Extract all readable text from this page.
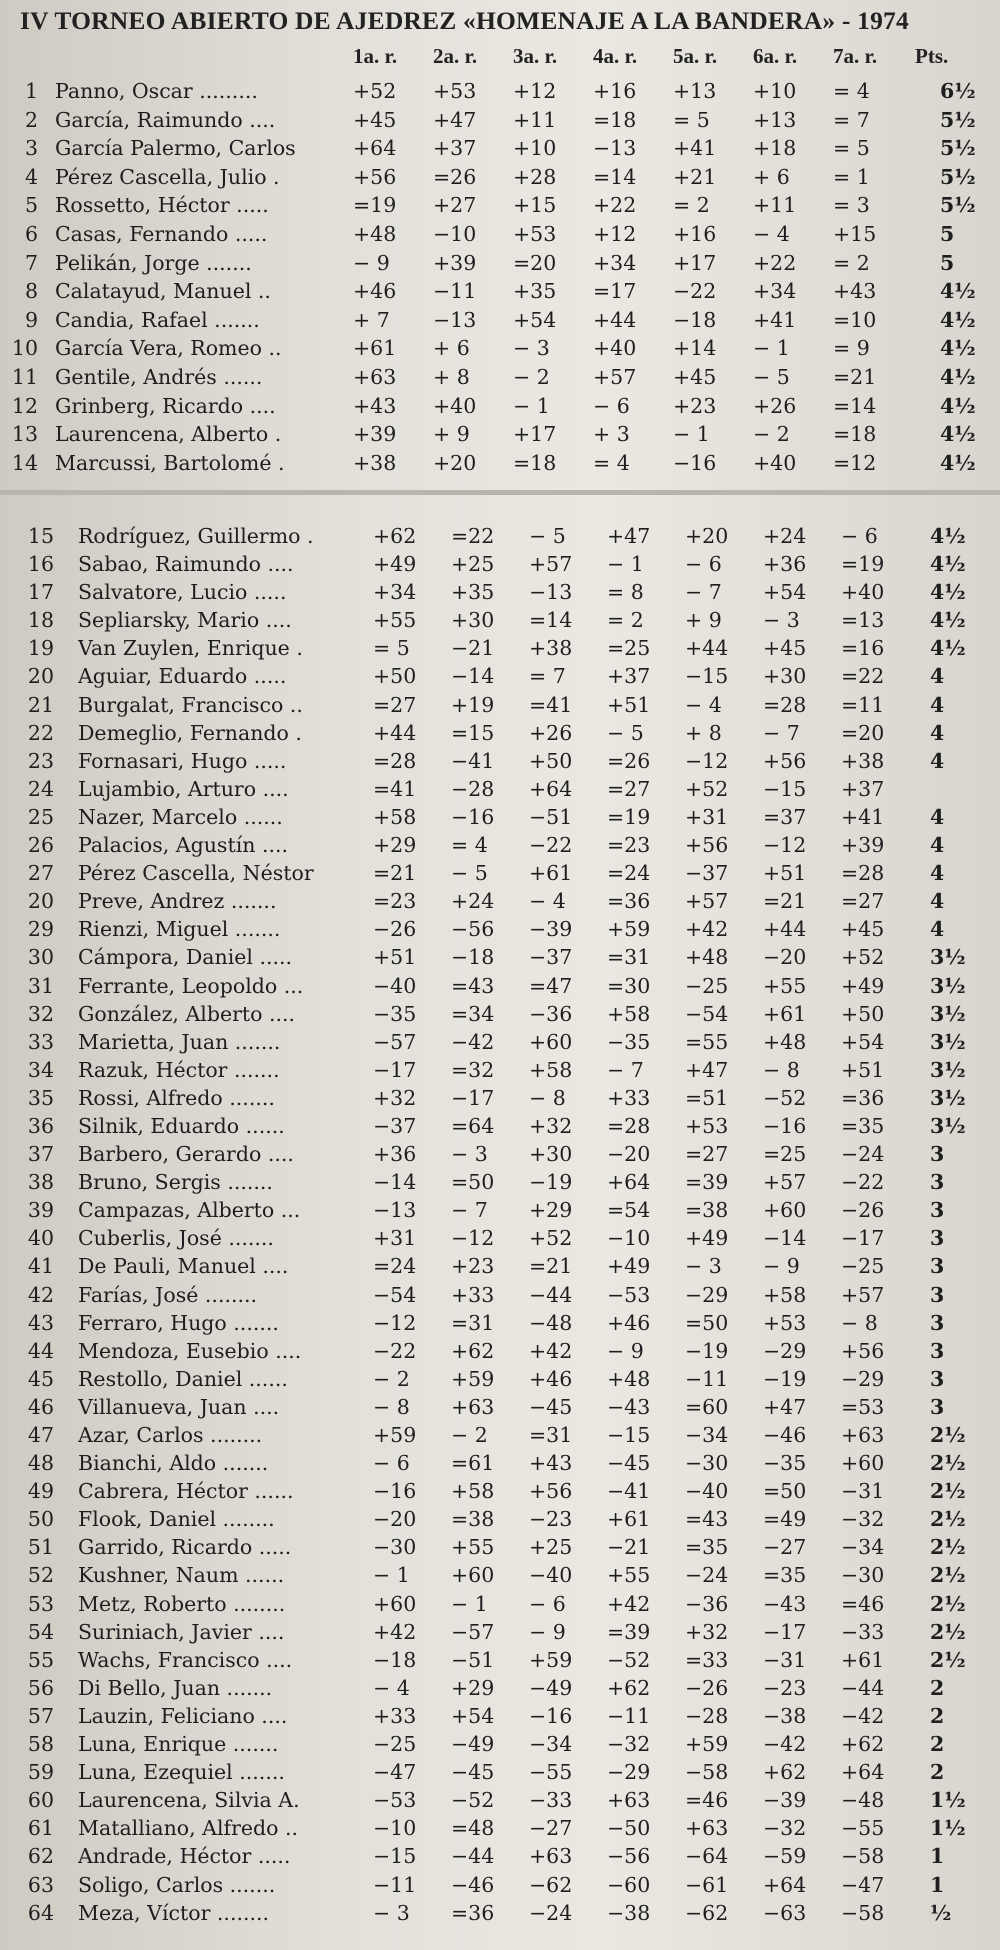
IV TORNEO ABIERTO DE AJEDREZ «HOMENAJE A LA BANDERA» - 1974
1a. r. 2a. r. 3a. r. 4a. r. 5a. r. 6a. r. 7a. r. Pts.
1 Panno, Oscar .........	+52	+53	+12	+16	+13	+10	= 4	6½
2 García, Raimundo ....	+45	+47	+11	=18	= 5	+13	= 7	5½
3 García Palermo, Carlos	+64	+37	+10	−13	+41	+18	= 5	5½
4 Pérez Cascella, Julio .	+56	=26	+28	=14	+21	+ 6	= 1	5½
5 Rossetto, Héctor .....	=19	+27	+15	+22	= 2	+11	= 3	5½
6 Casas, Fernando .....	+48	−10	+53	+12	+16	− 4	+15	5
7 Pelikán, Jorge .......	− 9	+39	=20	+34	+17	+22	= 2	5
8 Calatayud, Manuel ..	+46	−11	+35	=17	−22	+34	+43	4½
9 Candia, Rafael .......	+ 7	−13	+54	+44	−18	+41	=10	4½
10 García Vera, Romeo ..	+61	+ 6	− 3	+40	+14	− 1	= 9	4½
11 Gentile, Andrés ......	+63	+ 8	− 2	+57	+45	− 5	=21	4½
12 Grinberg, Ricardo ....	+43	+40	− 1	− 6	+23	+26	=14	4½
13 Laurencena, Alberto .	+39	+ 9	+17	+ 3	− 1	− 2	=18	4½
14 Marcussi, Bartolomé .	+38	+20	=18	= 4	−16	+40	=12	4½
15 Rodríguez, Guillermo .	+62	=22	− 5	+47	+20	+24	− 6	4½
16 Sabao, Raimundo ....	+49	+25	+57	− 1	− 6	+36	=19	4½
17 Salvatore, Lucio .....	+34	+35	−13	= 8	− 7	+54	+40	4½
18 Sepliarsky, Mario ....	+55	+30	=14	= 2	+ 9	− 3	=13	4½
19 Van Zuylen, Enrique .	= 5	−21	+38	=25	+44	+45	=16	4½
20 Aguiar, Eduardo .....	+50	−14	= 7	+37	−15	+30	=22	4
21 Burgalat, Francisco ..	=27	+19	=41	+51	− 4	=28	=11	4
22 Demeglio, Fernando .	+44	=15	+26	− 5	+ 8	− 7	=20	4
23 Fornasari, Hugo .....	=28	−41	+50	=26	−12	+56	+38	4
24 Lujambio, Arturo ....	=41	−28	+64	=27	+52	−15	+37
25 Nazer, Marcelo ......	+58	−16	−51	=19	+31	=37	+41	4
26 Palacios, Agustín ....	+29	= 4	−22	=23	+56	−12	+39	4
27 Pérez Cascella, Néstor	=21	− 5	+61	=24	−37	+51	=28	4
20 Preve, Andrez .......	=23	+24	− 4	=36	+57	=21	=27	4
29 Rienzi, Miguel .......	−26	−56	−39	+59	+42	+44	+45	4
30 Cámpora, Daniel .....	+51	−18	−37	=31	+48	−20	+52	3½
31 Ferrante, Leopoldo ...	−40	=43	=47	=30	−25	+55	+49	3½
32 González, Alberto ....	−35	=34	−36	+58	−54	+61	+50	3½
33 Marietta, Juan .......	−57	−42	+60	−35	=55	+48	+54	3½
34 Razuk, Héctor .......	−17	=32	+58	− 7	+47	− 8	+51	3½
35 Rossi, Alfredo .......	+32	−17	− 8	+33	=51	−52	=36	3½
36 Silnik, Eduardo ......	−37	=64	+32	=28	+53	−16	=35	3½
37 Barbero, Gerardo ....	+36	− 3	+30	−20	=27	=25	−24	3
38 Bruno, Sergis .......	−14	=50	−19	+64	=39	+57	−22	3
39 Campazas, Alberto ...	−13	− 7	+29	=54	=38	+60	−26	3
40 Cuberlis, José .......	+31	−12	+52	−10	+49	−14	−17	3
41 De Pauli, Manuel ....	=24	+23	=21	+49	− 3	− 9	−25	3
42 Farías, José ........	−54	+33	−44	−53	−29	+58	+57	3
43 Ferraro, Hugo .......	−12	=31	−48	+46	=50	+53	− 8	3
44 Mendoza, Eusebio ....	−22	+62	+42	− 9	−19	−29	+56	3
45 Restollo, Daniel ......	− 2	+59	+46	+48	−11	−19	−29	3
46 Villanueva, Juan ....	− 8	+63	−45	−43	=60	+47	=53	3
47 Azar, Carlos ........	+59	− 2	=31	−15	−34	−46	+63	2½
48 Bianchi, Aldo .......	− 6	=61	+43	−45	−30	−35	+60	2½
49 Cabrera, Héctor ......	−16	+58	+56	−41	−40	=50	−31	2½
50 Flook, Daniel ........	−20	=38	−23	+61	=43	=49	−32	2½
51 Garrido, Ricardo .....	−30	+55	+25	−21	=35	−27	−34	2½
52 Kushner, Naum ......	− 1	+60	−40	+55	−24	=35	−30	2½
53 Metz, Roberto ........	+60	− 1	− 6	+42	−36	−43	=46	2½
54 Suriniach, Javier ....	+42	−57	− 9	=39	+32	−17	−33	2½
55 Wachs, Francisco ....	−18	−51	+59	−52	=33	−31	+61	2½
56 Di Bello, Juan .......	− 4	+29	−49	+62	−26	−23	−44	2
57 Lauzin, Feliciano ....	+33	+54	−16	−11	−28	−38	−42	2
58 Luna, Enrique .......	−25	−49	−34	−32	+59	−42	+62	2
59 Luna, Ezequiel .......	−47	−45	−55	−29	−58	+62	+64	2
60 Laurencena, Silvia A.	−53	−52	−33	+63	=46	−39	−48	1½
61 Matalliano, Alfredo ..	−10	=48	−27	−50	+63	−32	−55	1½
62 Andrade, Héctor .....	−15	−44	+63	−56	−64	−59	−58	1
63 Soligo, Carlos .......	−11	−46	−62	−60	−61	+64	−47	1
64 Meza, Víctor ........	− 3	=36	−24	−38	−62	−63	−58	½
